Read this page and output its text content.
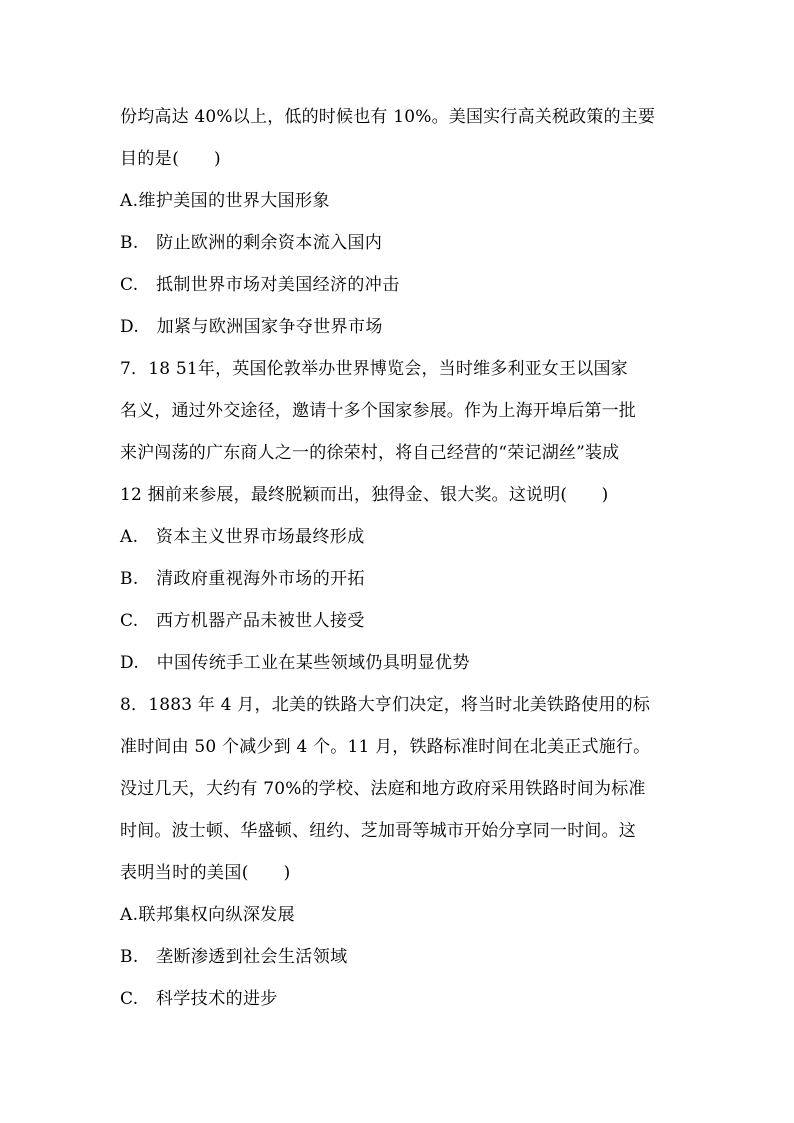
份均高达 40%以上，低的时候也有 10%。美国实行高关税政策的主要
目的是(　　)
A.维护美国的世界大国形象
B.　防止欧洲的剩余资本流入国内
C.　抵制世界市场对美国经济的冲击
D.　加紧与欧洲国家争夺世界市场
7．18 51年，英国伦敦举办世界博览会，当时维多利亚女王以国家
名义，通过外交途径，邀请十多个国家参展。作为上海开埠后第一批
来沪闯荡的广东商人之一的徐荣村，将自己经营的“荣记湖丝”装成
12 捆前来参展，最终脱颖而出，独得金、银大奖。这说明(　　)
A.　资本主义世界市场最终形成
B.　清政府重视海外市场的开拓
C.　西方机器产品未被世人接受
D.　中国传统手工业在某些领域仍具明显优势
8．1883 年 4 月，北美的铁路大亨们决定，将当时北美铁路使用的标
准时间由 50 个减少到 4 个。11 月，铁路标准时间在北美正式施行。
没过几天，大约有 70%的学校、法庭和地方政府采用铁路时间为标准
时间。波士顿、华盛顿、纽约、芝加哥等城市开始分享同一时间。这
表明当时的美国(　　)
A.联邦集权向纵深发展
B.　垄断渗透到社会生活领域
C.　科学技术的进步
